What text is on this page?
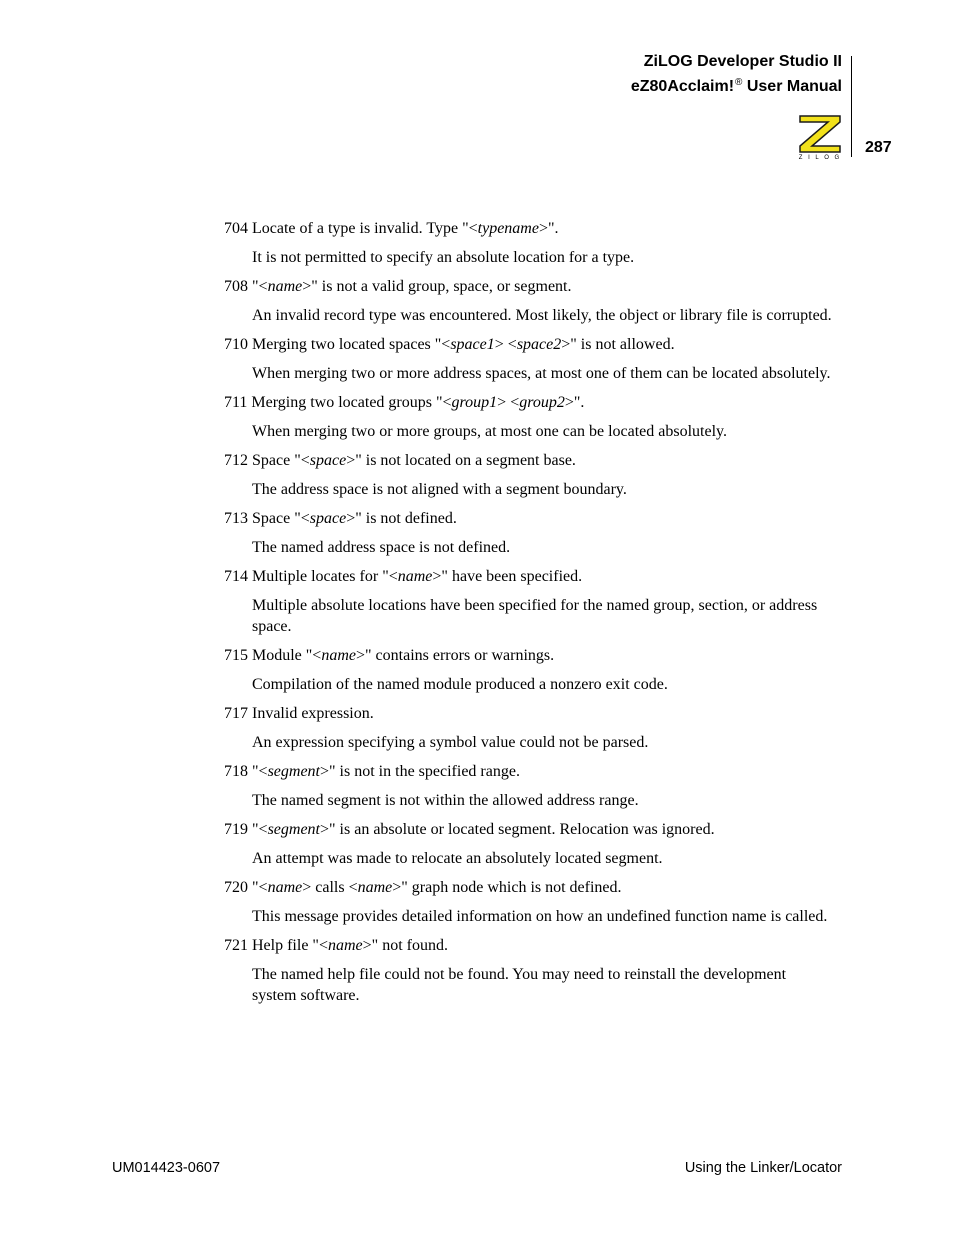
ZiLOG Developer Studio II
eZ80Acclaim!® User Manual
Z I L O G
287

704 Locate of a type is invalid. Type "<typename>".

It is not permitted to specify an absolute location for a type.

708 "<name>" is not a valid group, space, or segment.

An invalid record type was encountered. Most likely, the object or library file is corrupted.

710 Merging two located spaces "<space1> <space2>" is not allowed.

When merging two or more address spaces, at most one of them can be located absolutely.

711 Merging two located groups "<group1> <group2>".

When merging two or more groups, at most one can be located absolutely.

712 Space "<space>" is not located on a segment base.

The address space is not aligned with a segment boundary.

713 Space "<space>" is not defined.

The named address space is not defined.

714 Multiple locates for "<name>" have been specified.

Multiple absolute locations have been specified for the named group, section, or address space.

715 Module "<name>" contains errors or warnings.

Compilation of the named module produced a nonzero exit code.

717 Invalid expression.

An expression specifying a symbol value could not be parsed.

718 "<segment>" is not in the specified range.

The named segment is not within the allowed address range.

719 "<segment>" is an absolute or located segment. Relocation was ignored.

An attempt was made to relocate an absolutely located segment.

720 "<name> calls <name>" graph node which is not defined.

This message provides detailed information on how an undefined function name is called.

721 Help file "<name>" not found.

The named help file could not be found. You may need to reinstall the development system software.

UM014423-0607	Using the Linker/Locator
